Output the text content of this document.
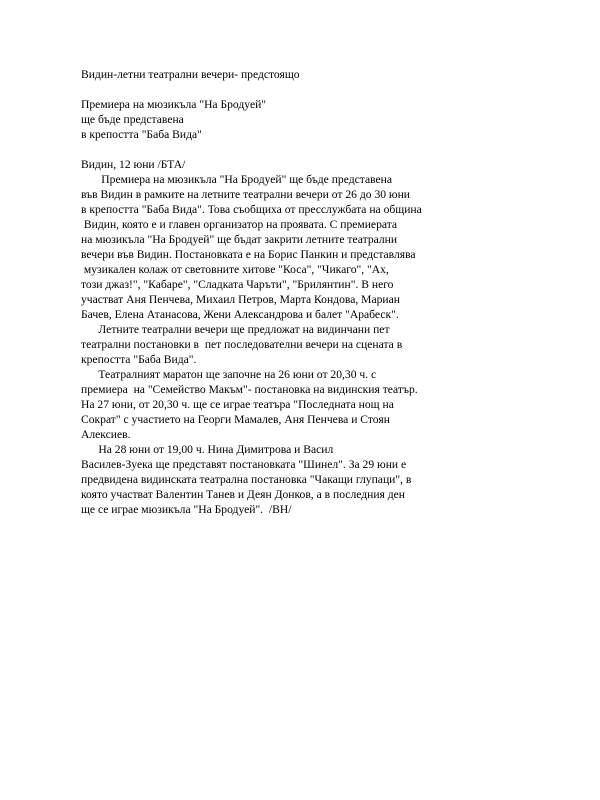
Видин-летни театрални вечери- предстоящо

Премиера на мюзикъла "На Бродуей"

ще бъде представена

в крепостта "Баба Вида"

Видин, 12 юни /БТА/

Премиера на мюзикъла "На Бродуей" ще бъде представена

във Видин в рамките на летните театрални вечери от 26 до 30 юни

в крепостта "Баба Вида". Това съобщиха от пресслужбата на община

Видин, която е и главен организатор на проявата. С премиерата

на мюзикъла "На Бродуей" ще бъдат закрити летните театрални

вечери във Видин. Постановката е на Борис Панкин и представлява

музикален колаж от световните хитове "Коса", "Чикаго", "Ах,

този джаз!", "Кабаре", "Сладката Чаръти", "Брилянтин". В него

участват Аня Пенчева, Михаил Петров, Марта Кондова, Мариан

Бачев, Елена Атанасова, Жени Александрова и балет "Арабеск".

Летните театрални вечери ще предложат на видинчани пет

театрални постановки в  пет последователни вечери на сцената в

крепостта "Баба Вида".

Театралният маратон ще започне на 26 юни от 20,30 ч. с

премиера  на "Семейство Макъм"- постановка на видинския театър.

На 27 юни, от 20,30 ч. ще се играе театъра "Последната нощ на

Сократ" с участието на Георги Мамалев, Аня Пенчева и Стоян

Алексиев.

На 28 юни от 19,00 ч. Нина Димитрова и Васил

Василев-Зуека ще представят постановката "Шинел". За 29 юни е

предвидена видинската театрална постановка "Чакащи глупаци", в

която участват Валентин Танев и Деян Донков, а в последния ден

ще се играе мюзикъла "На Бродуей".  /ВН/
